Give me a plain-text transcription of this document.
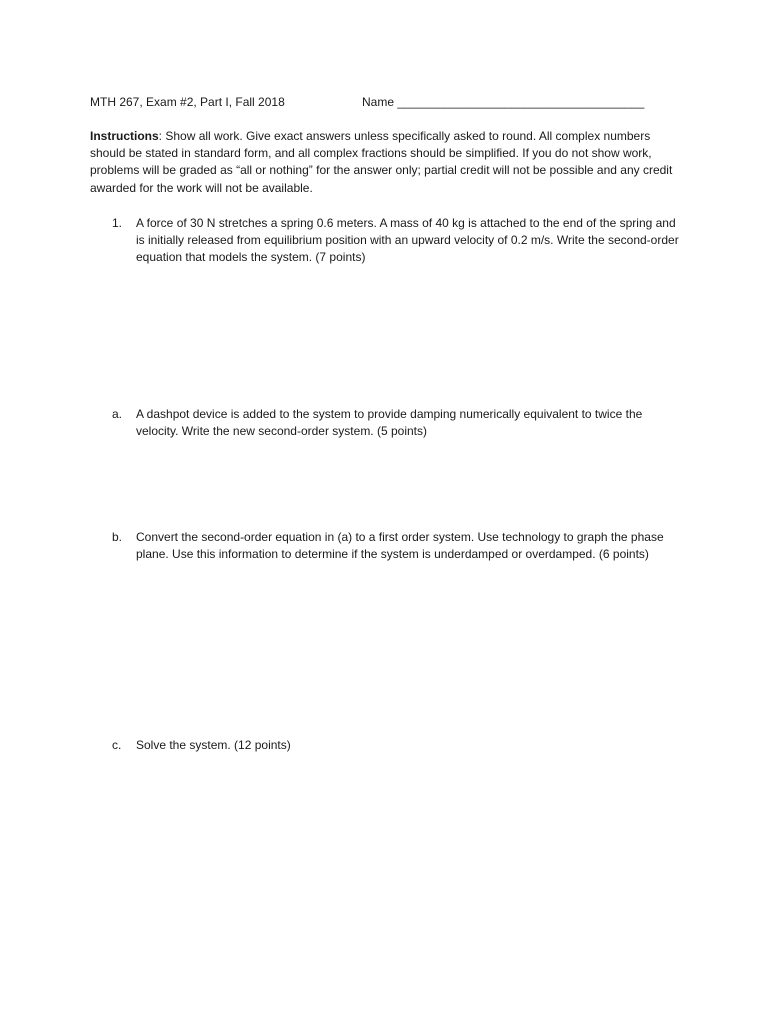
MTH 267, Exam #2, Part I, Fall 2018	Name _____________________________________
Instructions: Show all work. Give exact answers unless specifically asked to round. All complex numbers should be stated in standard form, and all complex fractions should be simplified. If you do not show work, problems will be graded as “all or nothing” for the answer only; partial credit will not be possible and any credit awarded for the work will not be available.
1. A force of 30 N stretches a spring 0.6 meters. A mass of 40 kg is attached to the end of the spring and is initially released from equilibrium position with an upward velocity of 0.2 m/s. Write the second-order equation that models the system. (7 points)
a. A dashpot device is added to the system to provide damping numerically equivalent to twice the velocity. Write the new second-order system. (5 points)
b. Convert the second-order equation in (a) to a first order system. Use technology to graph the phase plane. Use this information to determine if the system is underdamped or overdamped. (6 points)
c. Solve the system. (12 points)
